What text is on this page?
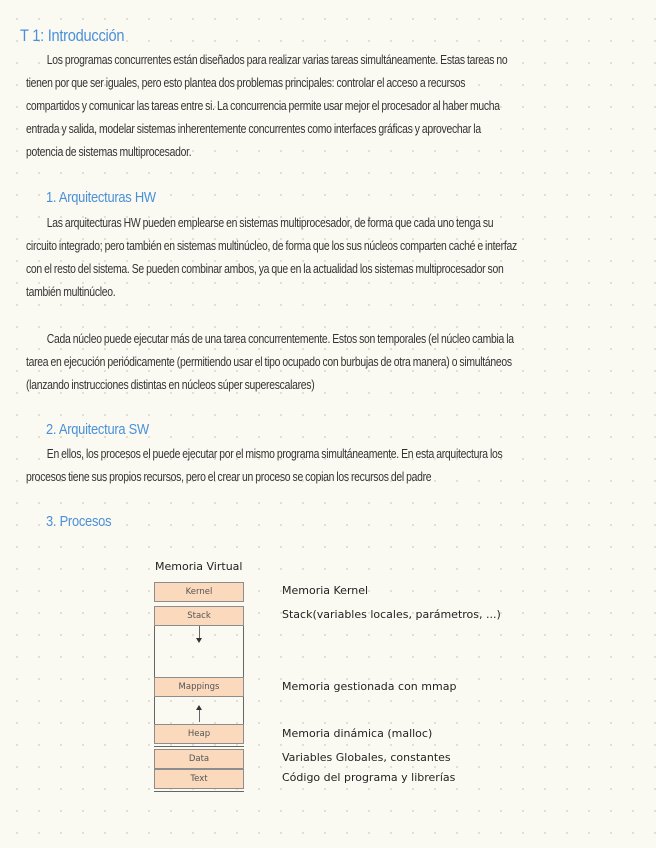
T 1: Introducción
Los programas concurrentes están diseñados para realizar varias tareas simultáneamente. Estas tareas no
tienen por que ser iguales, pero esto plantea dos problemas principales: controlar el acceso a recursos
compartidos y comunicar las tareas entre si. La concurrencia permite usar mejor el procesador al haber mucha
entrada y salida, modelar sistemas inherentemente concurrentes como interfaces gráficas y aprovechar la
potencia de sistemas multiprocesador.
1. Arquitecturas HW
Las arquitecturas HW pueden emplearse en sistemas multiprocesador, de forma que cada uno tenga su
circuito integrado; pero también en sistemas multinúcleo, de forma que los sus núcleos comparten caché e interfaz
con el resto del sistema. Se pueden combinar ambos, ya que en la actualidad los sistemas multiprocesador son
también multinúcleo.
Cada núcleo puede ejecutar más de una tarea concurrentemente. Estos son temporales (el núcleo cambia la
tarea en ejecución periódicamente (permitiendo usar el tipo ocupado con burbujas de otra manera) o simultáneos
(lanzando instrucciones distintas en núcleos súper superescalares)
2. Arquitectura SW
En ellos, los procesos el puede ejecutar por el mismo programa simultáneamente. En esta arquitectura los
procesos tiene sus propios recursos, pero el crear un proceso se copian los recursos del padre
3. Procesos
Memoria Virtual
Kernel
Stack
Mappings
Heap
Data
Text
Memoria Kernel
Stack(variables locales, parámetros, ...)
Memoria gestionada con mmap
Memoria dinámica (malloc)
Variables Globales, constantes
Código del programa y librerías
